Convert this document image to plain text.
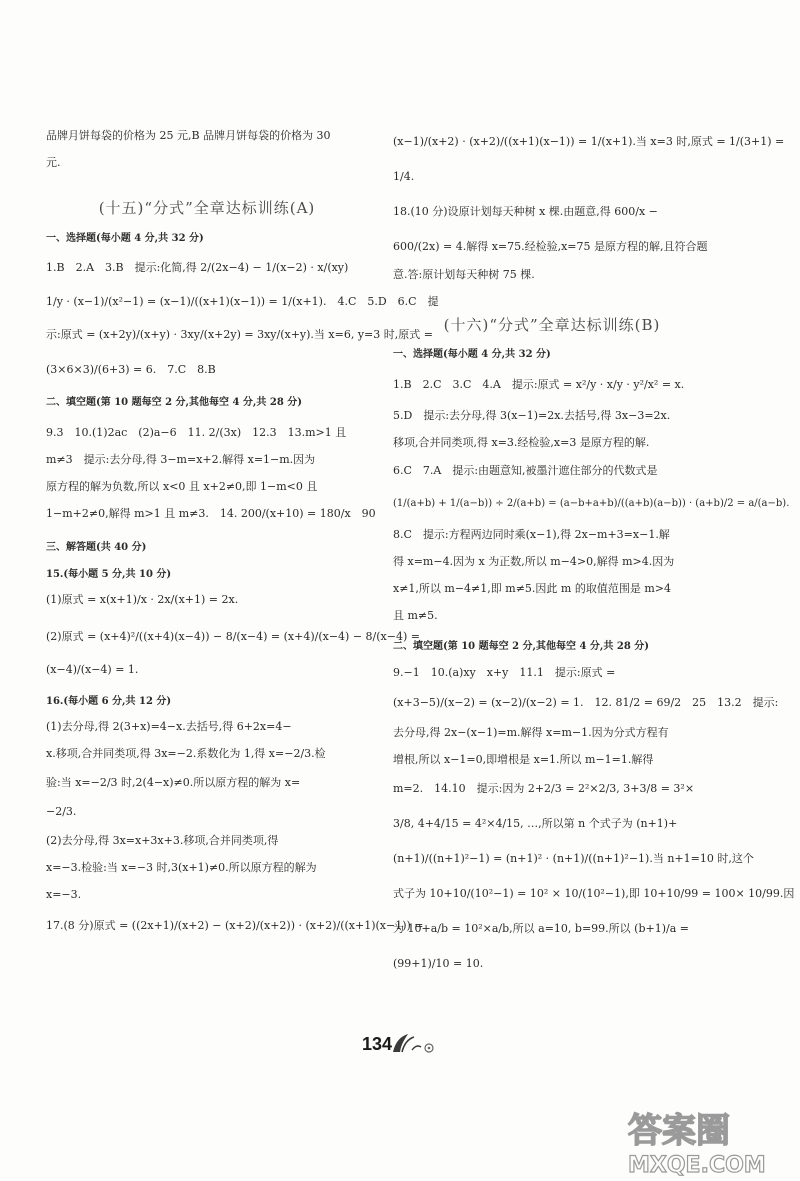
品牌月饼每袋的价格为 25 元,B 品牌月饼每袋的价格为 30

元.

(十五)“分式”全章达标训练(A)

一、选择题(每小题 4 分,共 32 分)

1.B　2.A　3.B　提示:化简,得 2/(2x−4) − 1/(x−2) · x/(xy)

1/y · (x−1)/(x²−1) = (x−1)/((x+1)(x−1)) = 1/(x+1).　4.C　5.D　6.C　提

示:原式 = (x+2y)/(x+y) · 3xy/(x+2y) = 3xy/(x+y).当 x=6, y=3 时,原式 =

(3×6×3)/(6+3) = 6.　7.C　8.B

二、填空题(第 10 题每空 2 分,其他每空 4 分,共 28 分)

9.3　10.(1)2ac　(2)a−6　11. 2/(3x)　12.3　13.m>1 且

m≠3　提示:去分母,得 3−m=x+2.解得 x=1−m.因为

原方程的解为负数,所以 x<0 且 x+2≠0,即 1−m<0 且

1−m+2≠0,解得 m>1 且 m≠3.　14. 200/(x+10) = 180/x　90

三、解答题(共 40 分)

15.(每小题 5 分,共 10 分)

(1)原式 = x(x+1)/x · 2x/(x+1) = 2x.

(2)原式 = (x+4)²/((x+4)(x−4)) − 8/(x−4) = (x+4)/(x−4) − 8/(x−4) =

(x−4)/(x−4) = 1.

16.(每小题 6 分,共 12 分)

(1)去分母,得 2(3+x)=4−x.去括号,得 6+2x=4−

x.移项,合并同类项,得 3x=−2.系数化为 1,得 x=−2/3.检

验:当 x=−2/3 时,2(4−x)≠0.所以原方程的解为 x=

−2/3.

(2)去分母,得 3x=x+3x+3.移项,合并同类项,得

x=−3.检验:当 x=−3 时,3(x+1)≠0.所以原方程的解为

x=−3.

17.(8 分)原式 = ((2x+1)/(x+2) − (x+2)/(x+2)) · (x+2)/((x+1)(x−1)) =

(x−1)/(x+2) · (x+2)/((x+1)(x−1)) = 1/(x+1).当 x=3 时,原式 = 1/(3+1) =

1/4.

18.(10 分)设原计划每天种树 x 棵.由题意,得 600/x −

600/(2x) = 4.解得 x=75.经检验,x=75 是原方程的解,且符合题

意.答:原计划每天种树 75 棵.

(十六)“分式”全章达标训练(B)

一、选择题(每小题 4 分,共 32 分)

1.B　2.C　3.C　4.A　提示:原式 = x²/y · x/y · y²/x² = x.

5.D　提示:去分母,得 3(x−1)=2x.去括号,得 3x−3=2x.

移项,合并同类项,得 x=3.经检验,x=3 是原方程的解.

6.C　7.A　提示:由题意知,被墨汁遮住部分的代数式是

(1/(a+b) + 1/(a−b)) ÷ 2/(a+b) = (a−b+a+b)/((a+b)(a−b)) · (a+b)/2 = a/(a−b).

8.C　提示:方程两边同时乘(x−1),得 2x−m+3=x−1.解

得 x=m−4.因为 x 为正数,所以 m−4>0,解得 m>4.因为

x≠1,所以 m−4≠1,即 m≠5.因此 m 的取值范围是 m>4

且 m≠5.

二、填空题(第 10 题每空 2 分,其他每空 4 分,共 28 分)

9.−1　10.(a)xy　x+y　11.1　提示:原式 =

(x+3−5)/(x−2) = (x−2)/(x−2) = 1.　12. 81/2 = 69/2　25　13.2　提示:

去分母,得 2x−(x−1)=m.解得 x=m−1.因为分式方程有

增根,所以 x−1=0,即增根是 x=1.所以 m−1=1.解得

m=2.　14.10　提示:因为 2+2/3 = 2²×2/3, 3+3/8 = 3²×

3/8, 4+4/15 = 4²×4/15, …,所以第 n 个式子为 (n+1)+

(n+1)/((n+1)²−1) = (n+1)² · (n+1)/((n+1)²−1).当 n+1=10 时,这个

式子为 10+10/(10²−1) = 10² × 10/(10²−1),即 10+10/99 = 100× 10/99.因

为 10+a/b = 10²×a/b,所以 a=10, b=99.所以 (b+1)/a =

(99+1)/10 = 10.

134
答案圈
MXQE.COM
